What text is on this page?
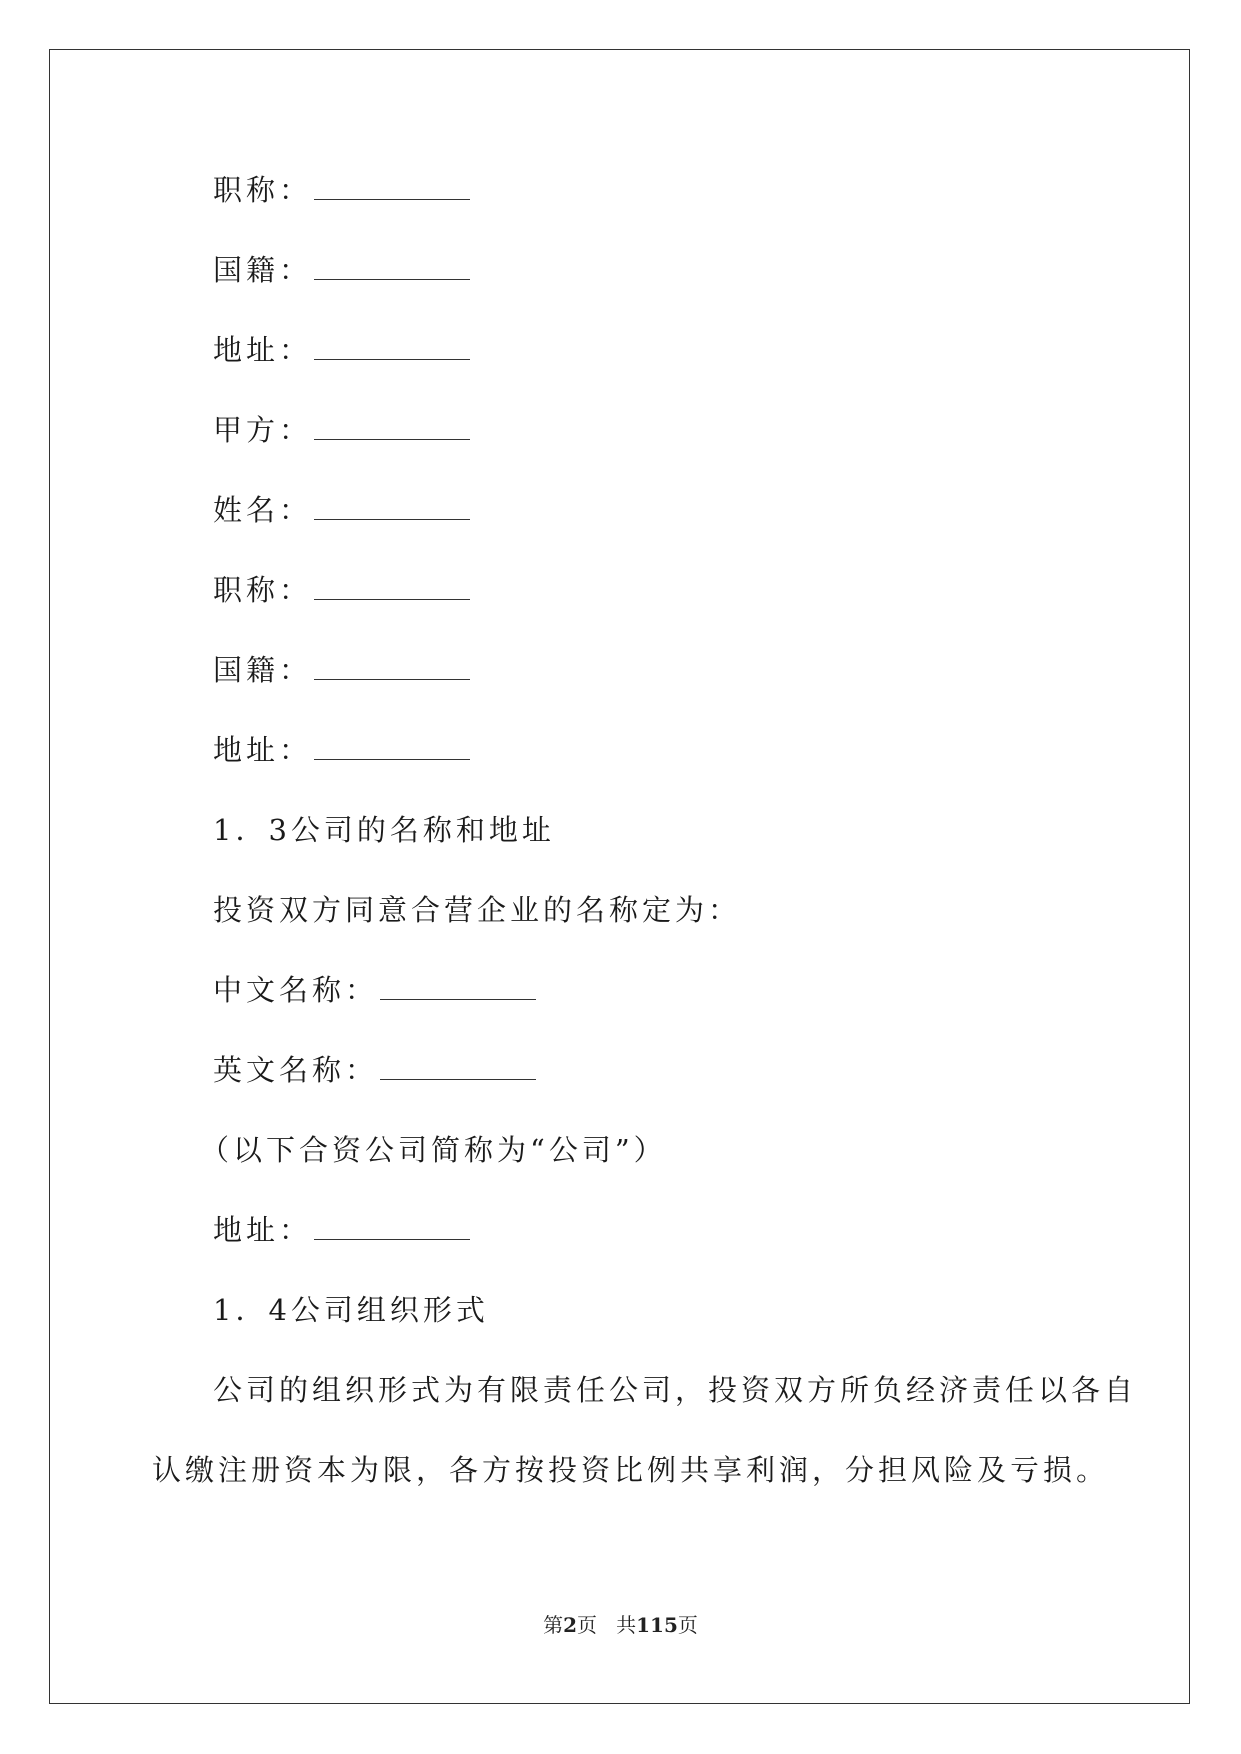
职称：
国籍：
地址：
甲方：
姓名：
职称：
国籍：
地址：
1．3公司的名称和地址
投资双方同意合营企业的名称定为：
中文名称：
英文名称：
（以下合资公司简称为“公司”）
地址：
1．4公司组织形式
公司的组织形式为有限责任公司，投资双方所负经济责任以各自
认缴注册资本为限，各方按投资比例共享利润，分担风险及亏损。
第2页   共115页
